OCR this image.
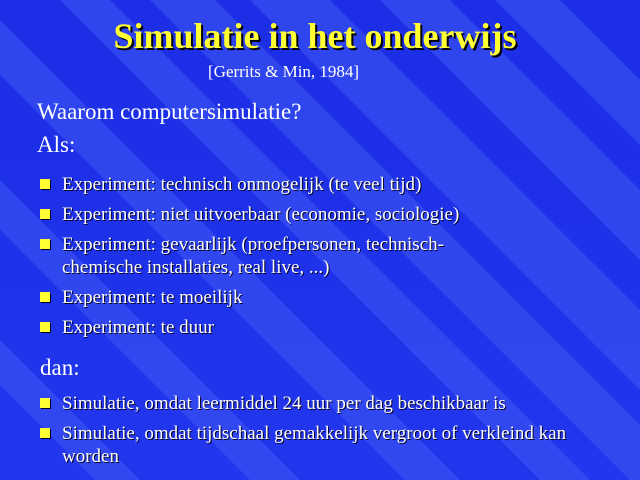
Simulatie in het onderwijs
[Gerrits & Min, 1984]
Waarom computersimulatie?
Als:
Experiment: technisch onmogelijk (te veel tijd)
Experiment: niet uitvoerbaar (economie, sociologie)
Experiment: gevaarlijk (proefpersonen, technisch-chemische installaties, real live, ...)
Experiment: te moeilijk
Experiment: te duur
dan:
Simulatie, omdat leermiddel 24 uur per dag beschikbaar is
Simulatie, omdat tijdschaal gemakkelijk vergroot of verkleind kan worden
